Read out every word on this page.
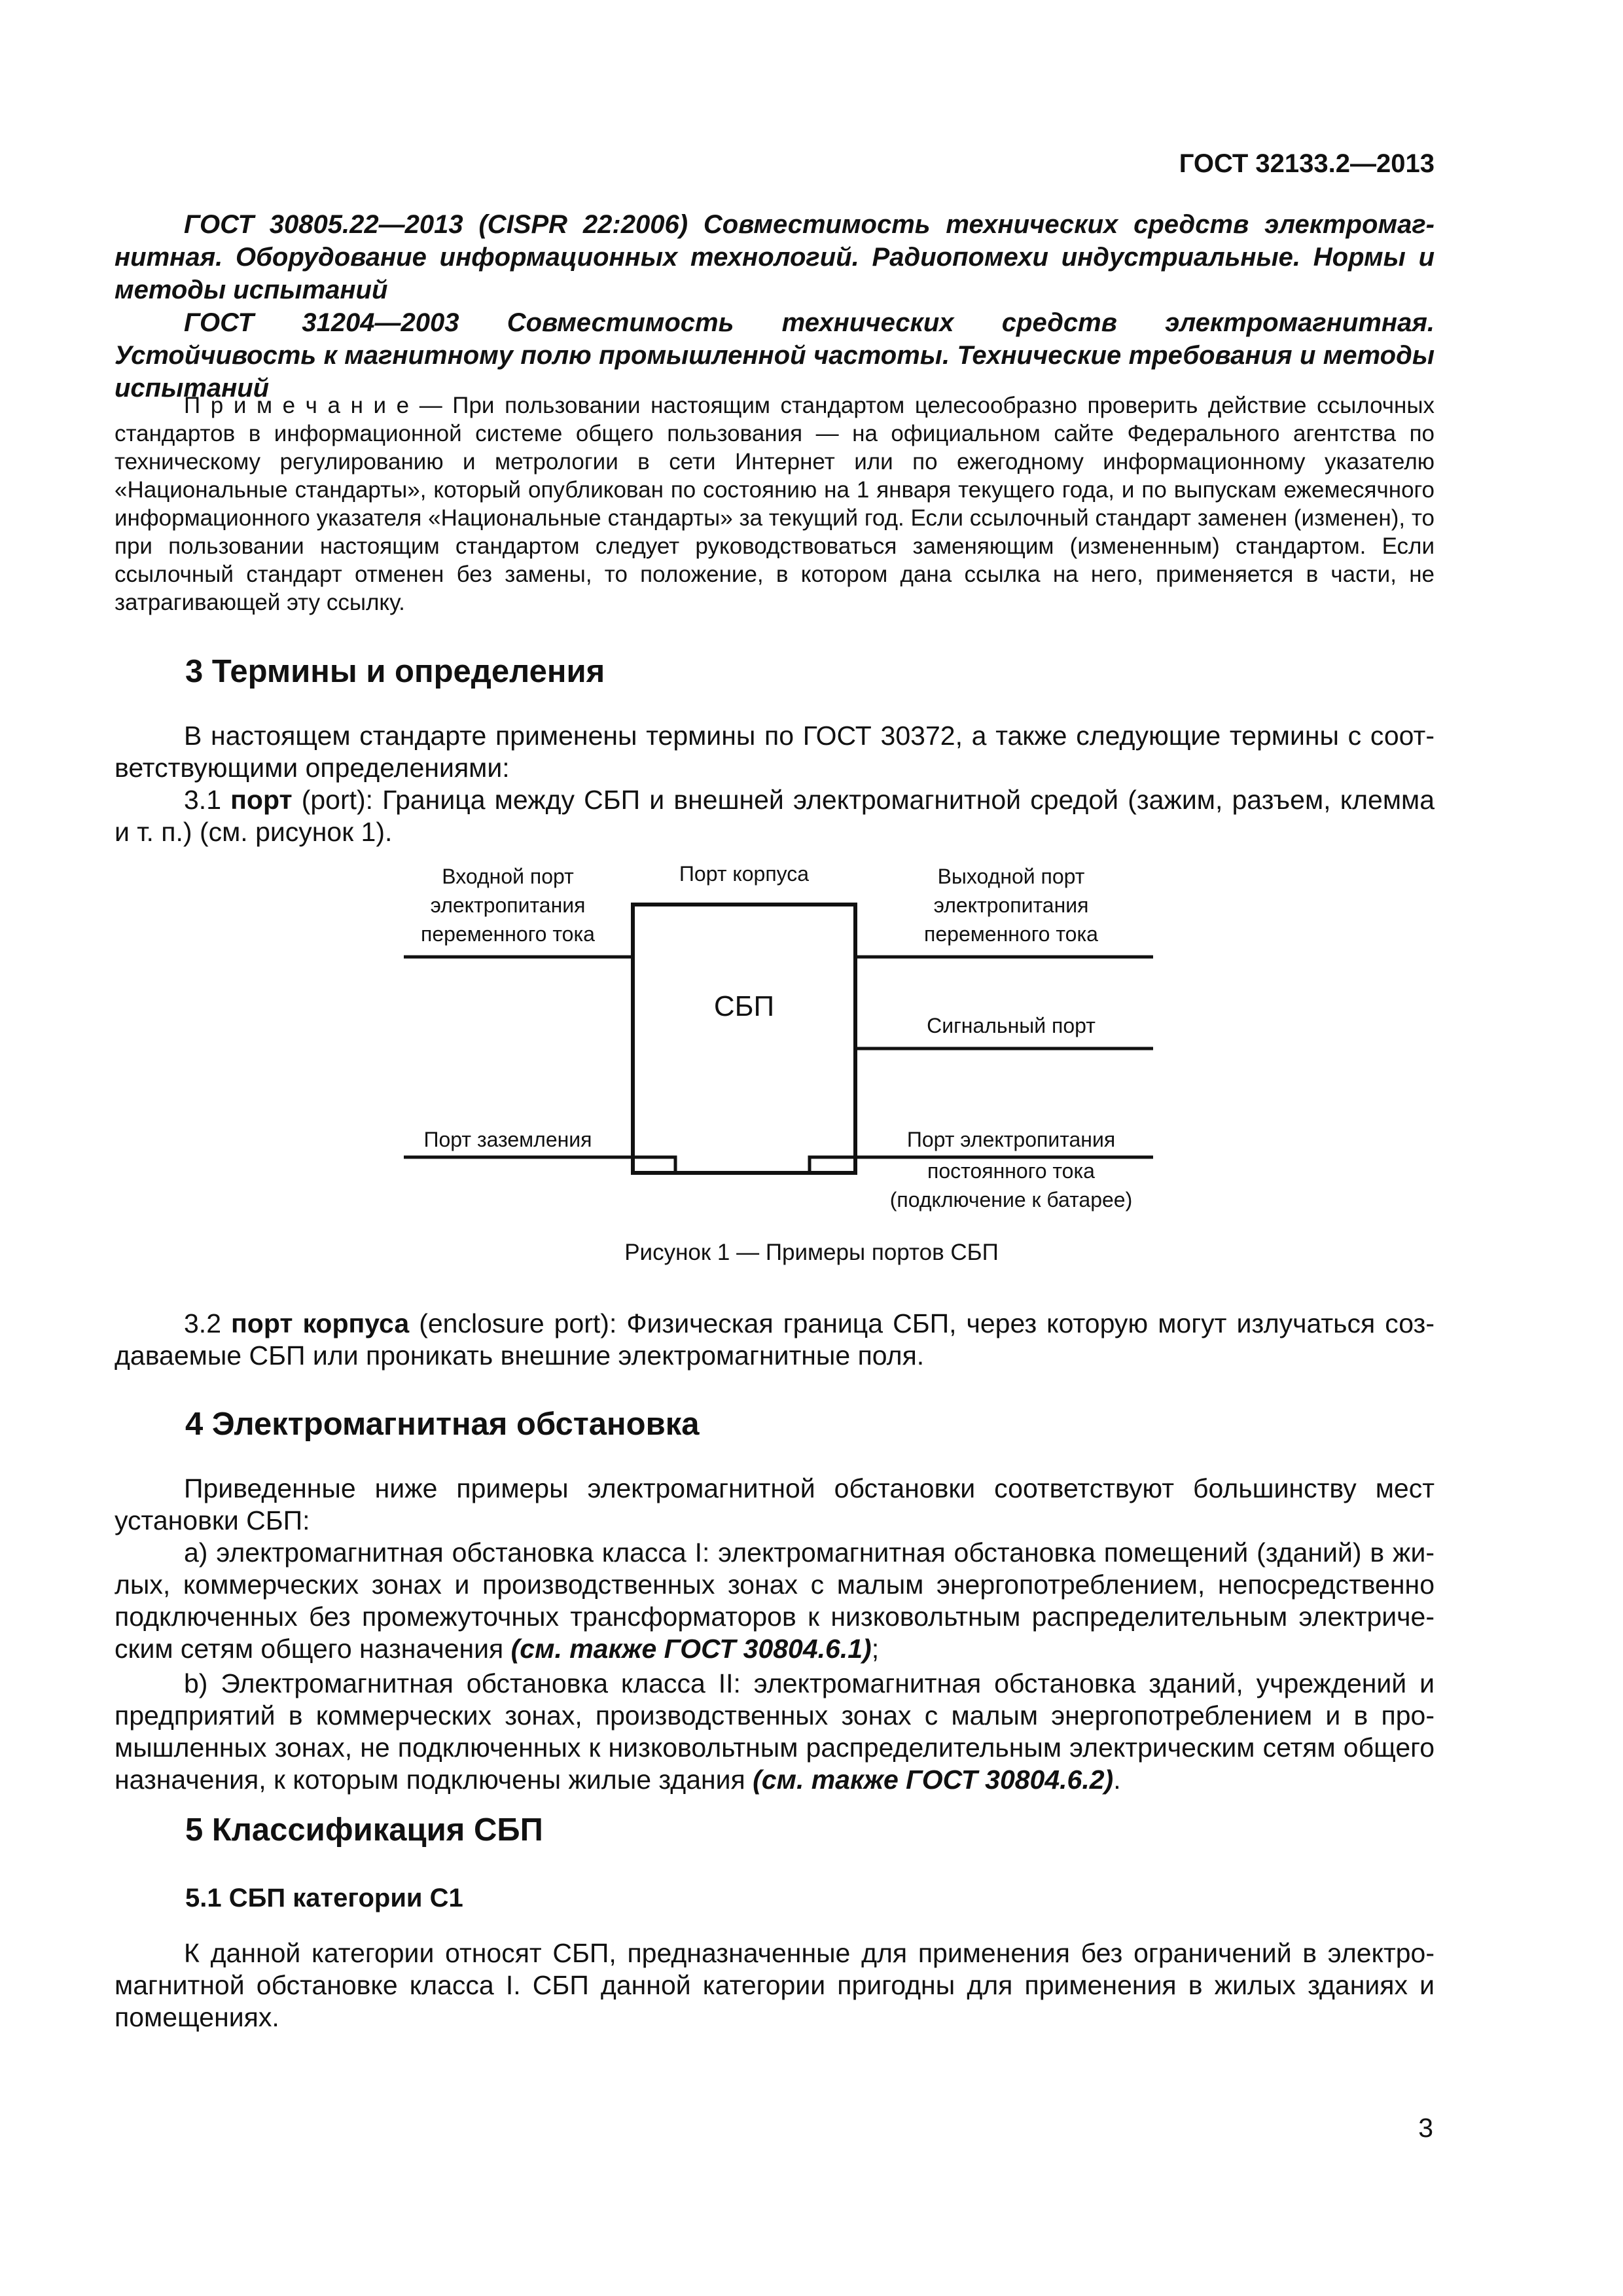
ГОСТ 32133.2—2013
ГОСТ 30805.22—2013 (CISPR 22:2006) Совместимость технических средств электромагнитная. Оборудование информационных технологий. Радиопомехи индустриальные. Нормы и методы испытаний
ГОСТ 31204—2003 Совместимость технических средств электромагнитная. Устойчивость к магнитному полю промышленной частоты. Технические требования и методы испытаний
П р и м е ч а н и е — При пользовании настоящим стандартом целесообразно проверить действие ссылочных стандартов в информационной системе общего пользования — на официальном сайте Федерального агентства по техническому регулированию и метрологии в сети Интернет или по ежегодному информационному указателю «Национальные стандарты», который опубликован по состоянию на 1 января текущего года, и по выпускам ежемесячного информационного указателя «Национальные стандарты» за текущий год. Если ссылочный стандарт заменен (изменен), то при пользовании настоящим стандартом следует руководствоваться заменяющим (измененным) стандартом. Если ссылочный стандарт отменен без замены, то положение, в котором дана ссылка на него, применяется в части, не затрагивающей эту ссылку.
3 Термины и определения
В настоящем стандарте применены термины по ГОСТ 30372, а также следующие термины с соответствующими определениями:
3.1 порт (port): Граница между СБП и внешней электромагнитной средой (зажим, разъем, клемма и т. п.) (см. рисунок 1).
СБП
Порт корпуса
Входной порт
электропитания
переменного тока
Выходной порт
электропитания
переменного тока
Сигнальный порт
Порт заземления	Порт электропитания
постоянного тока
(подключение к батарее)
Рисунок 1 — Примеры портов СБП
3.2 порт корпуса (enclosure port): Физическая граница СБП, через которую могут излучаться создаваемые СБП или проникать внешние электромагнитные поля.
4 Электромагнитная обстановка
Приведенные ниже примеры электромагнитной обстановки соответствуют большинству мест установки СБП:
а) электромагнитная обстановка класса I: электромагнитная обстановка помещений (зданий) в жилых, коммерческих зонах и производственных зонах с малым энергопотреблением, непосредственно подключенных без промежуточных трансформаторов к низковольтным распределительным электрическим сетям общего назначения (см. также ГОСТ 30804.6.1);
b) Электромагнитная обстановка класса II: электромагнитная обстановка зданий, учреждений и предприятий в коммерческих зонах, производственных зонах с малым энергопотреблением и в промышленных зонах, не подключенных к низковольтным распределительным электрическим сетям общего назначения, к которым подключены жилые здания (см. также ГОСТ 30804.6.2).
5 Классификация СБП
5.1 СБП категории С1
К данной категории относят СБП, предназначенные для применения без ограничений в электромагнитной обстановке класса I. СБП данной категории пригодны для применения в жилых зданиях и помещениях.
3
